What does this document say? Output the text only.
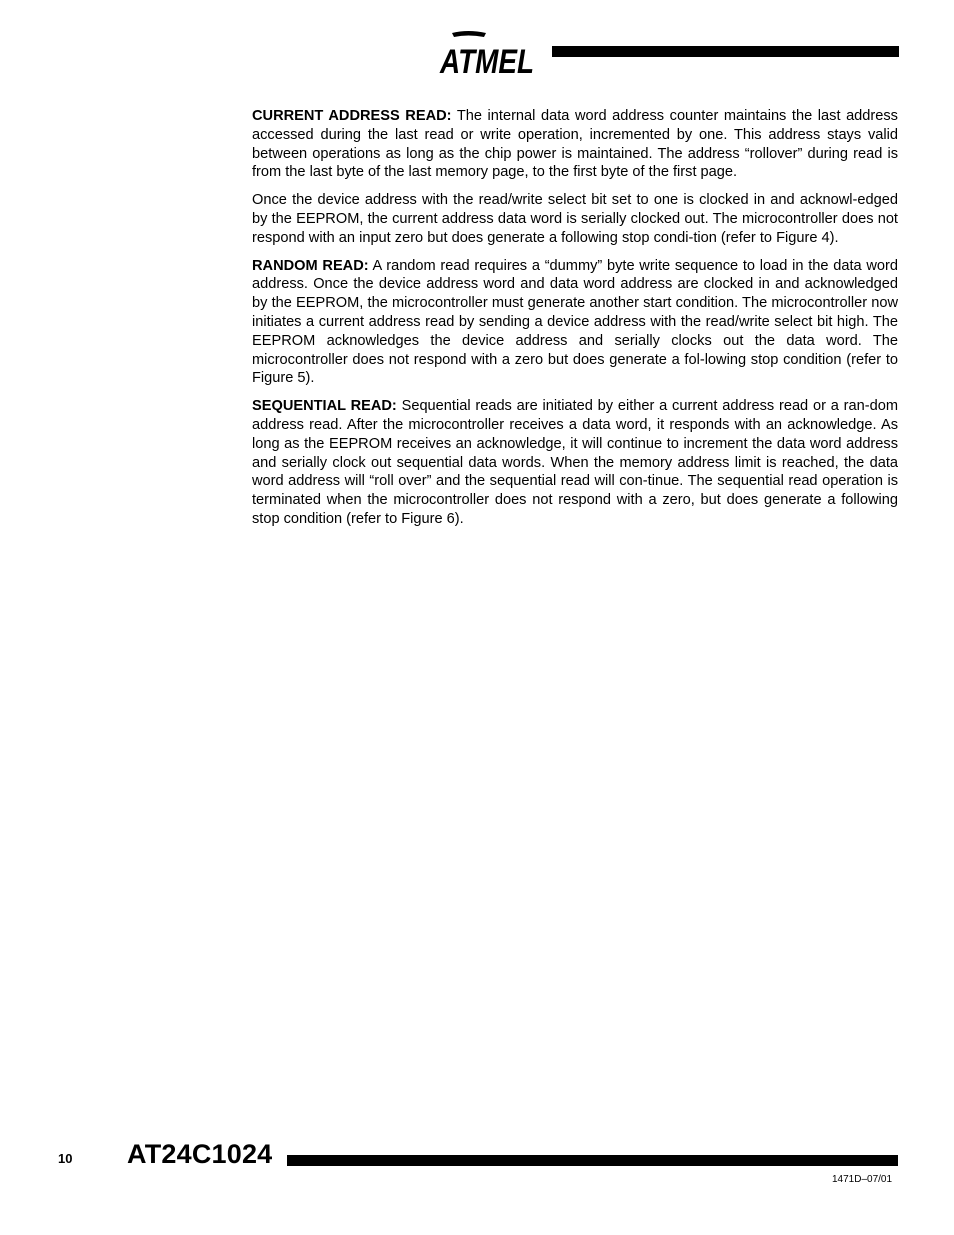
ATMEL

CURRENT ADDRESS READ: The internal data word address counter maintains the last address accessed during the last read or write operation, incremented by one. This address stays valid between operations as long as the chip power is maintained. The address “rollover” during read is from the last byte of the last memory page, to the first byte of the first page.

Once the device address with the read/write select bit set to one is clocked in and acknowl-edged by the EEPROM, the current address data word is serially clocked out. The microcontroller does not respond with an input zero but does generate a following stop condi-tion (refer to Figure 4).

RANDOM READ: A random read requires a “dummy” byte write sequence to load in the data word address. Once the device address word and data word address are clocked in and acknowledged by the EEPROM, the microcontroller must generate another start condition. The microcontroller now initiates a current address read by sending a device address with the read/write select bit high. The EEPROM acknowledges the device address and serially clocks out the data word. The microcontroller does not respond with a zero but does generate a fol-lowing stop condition (refer to Figure 5).

SEQUENTIAL READ: Sequential reads are initiated by either a current address read or a ran-dom address read. After the microcontroller receives a data word, it responds with an acknowledge. As long as the EEPROM receives an acknowledge, it will continue to increment the data word address and serially clock out sequential data words. When the memory address limit is reached, the data word address will “roll over” and the sequential read will con-tinue. The sequential read operation is terminated when the microcontroller does not respond with a zero, but does generate a following stop condition (refer to Figure 6).

10 AT24C1024
1471D–07/01
